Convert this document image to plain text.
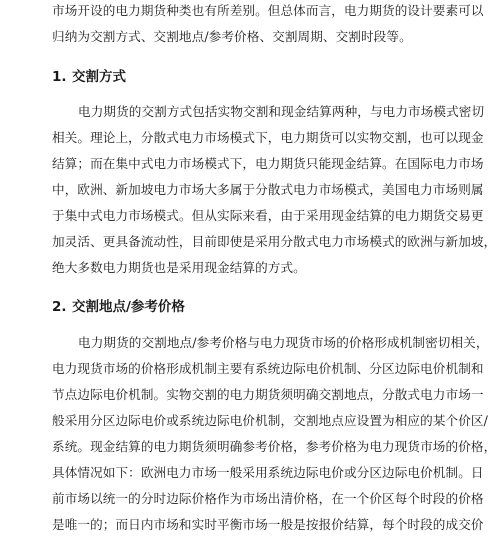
市场开设的电力期货种类也有所差别。但总体而言，电力期货的设计要素可以
归纳为交割方式、交割地点/参考价格、交割周期、交割时段等。
1. 交割方式
电力期货的交割方式包括实物交割和现金结算两种，与电力市场模式密切
相关。理论上，分散式电力市场模式下，电力期货可以实物交割，也可以现金
结算；而在集中式电力市场模式下，电力期货只能现金结算。在国际电力市场
中，欧洲、新加坡电力市场大多属于分散式电力市场模式，美国电力市场则属
于集中式电力市场模式。但从实际来看，由于采用现金结算的电力期货交易更
加灵活、更具备流动性，目前即使是采用分散式电力市场模式的欧洲与新加坡，
绝大多数电力期货也是采用现金结算的方式。
2. 交割地点/参考价格
电力期货的交割地点/参考价格与电力现货市场的价格形成机制密切相关，
电力现货市场的价格形成机制主要有系统边际电价机制、分区边际电价机制和
节点边际电价机制。实物交割的电力期货须明确交割地点，分散式电力市场一
般采用分区边际电价或系统边际电价机制，交割地点应设置为相应的某个价区/
系统。现金结算的电力期货须明确参考价格，参考价格为电力现货市场的价格，
具体情况如下：欧洲电力市场一般采用系统边际电价或分区边际电价机制。日
前市场以统一的分时边际价格作为市场出清价格，在一个价区每个时段的价格
是唯一的；而日内市场和实时平衡市场一般是按报价结算，每个时段的成交价
